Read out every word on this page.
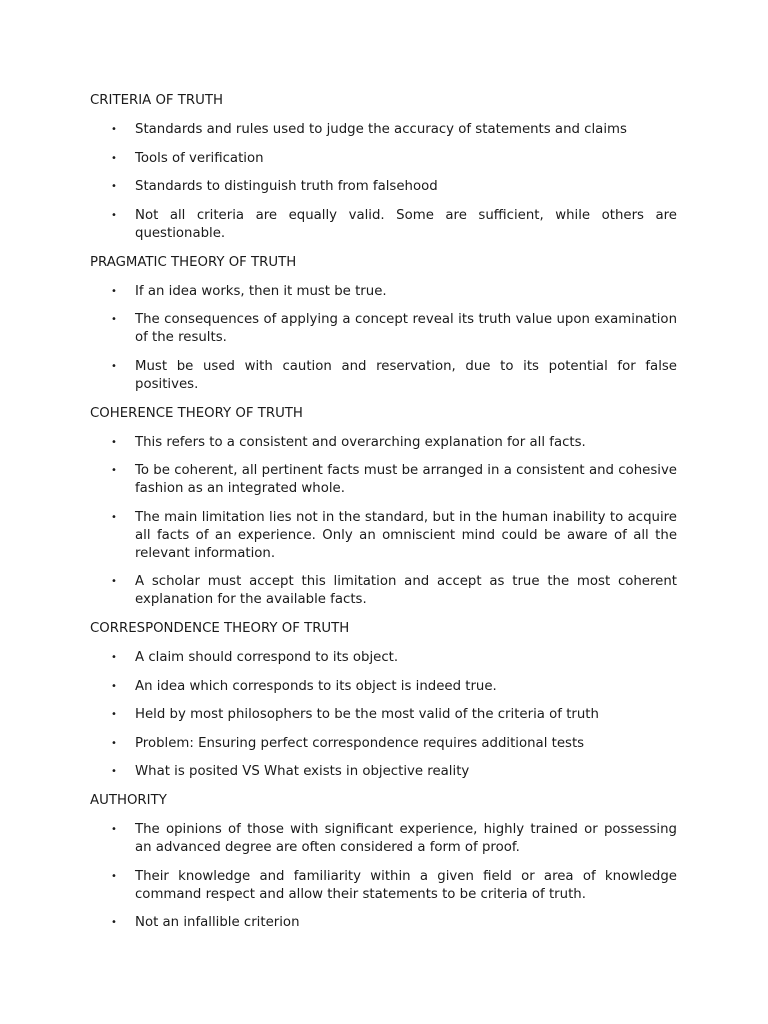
CRITERIA OF TRUTH
• Standards and rules used to judge the accuracy of statements and claims
• Tools of verification
• Standards to distinguish truth from falsehood
• Not all criteria are equally valid. Some are sufficient, while others are questionable.
PRAGMATIC THEORY OF TRUTH
• If an idea works, then it must be true.
• The consequences of applying a concept reveal its truth value upon examination of the results.
• Must be used with caution and reservation, due to its potential for false positives.
COHERENCE THEORY OF TRUTH
• This refers to a consistent and overarching explanation for all facts.
• To be coherent, all pertinent facts must be arranged in a consistent and cohesive fashion as an integrated whole.
• The main limitation lies not in the standard, but in the human inability to acquire all facts of an experience. Only an omniscient mind could be aware of all the relevant information.
• A scholar must accept this limitation and accept as true the most coherent explanation for the available facts.
CORRESPONDENCE THEORY OF TRUTH
• A claim should correspond to its object.
• An idea which corresponds to its object is indeed true.
• Held by most philosophers to be the most valid of the criteria of truth
• Problem: Ensuring perfect correspondence requires additional tests
• What is posited VS What exists in objective reality
AUTHORITY
• The opinions of those with significant experience, highly trained or possessing an advanced degree are often considered a form of proof.
• Their knowledge and familiarity within a given field or area of knowledge command respect and allow their statements to be criteria of truth.
• Not an infallible criterion
